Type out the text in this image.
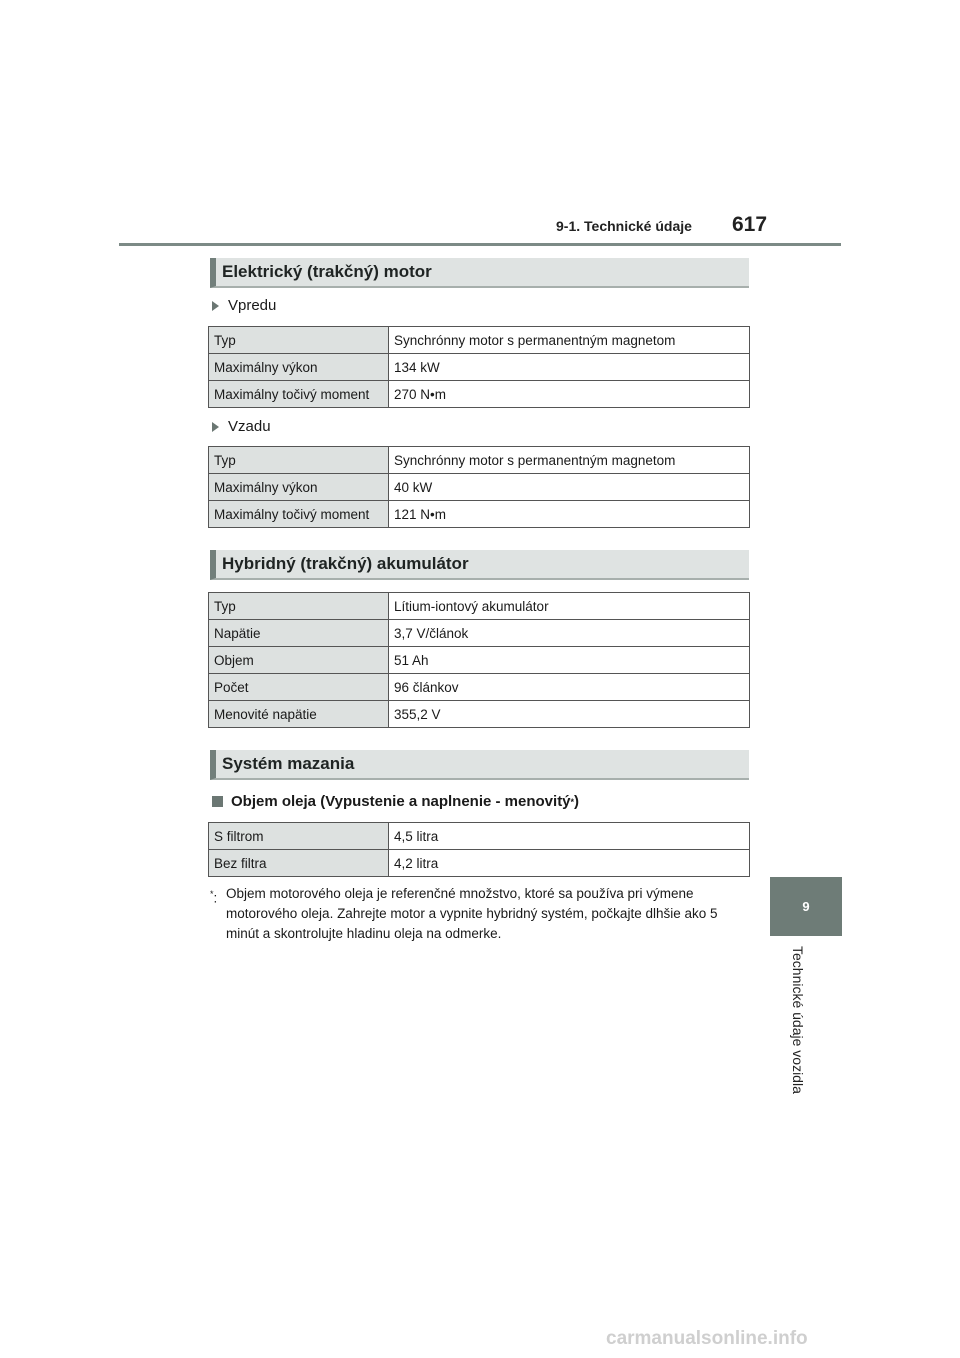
9-1. Technické údaje 617
9
Technické údaje vozidla
Elektrický (trakčný) motor
Vpredu
Typ	Synchrónny motor s permanentným magnetom
Maximálny výkon	134 kW
Maximálny točivý moment	270 N•m
Vzadu
Typ	Synchrónny motor s permanentným magnetom
Maximálny výkon	40 kW
Maximálny točivý moment	121 N•m
Hybridný (trakčný) akumulátor
Typ	Lítium-iontový akumulátor
Napätie	3,7 V/článok
Objem	51 Ah
Počet	96 článkov
Menovité napätie	355,2 V
Systém mazania
Objem oleja (Vypustenie a naplnenie - menovitý * )
S filtrom	4,5 litra
Bez filtra	4,2 litra
*: Objem motorového oleja je referenčné množstvo, ktoré sa používa pri výmene motorového oleja. Zahrejte motor a vypnite hybridný systém, počkajte dlhšie ako 5 minút a skontrolujte hladinu oleja na odmerke.
carmanualsonline.info
